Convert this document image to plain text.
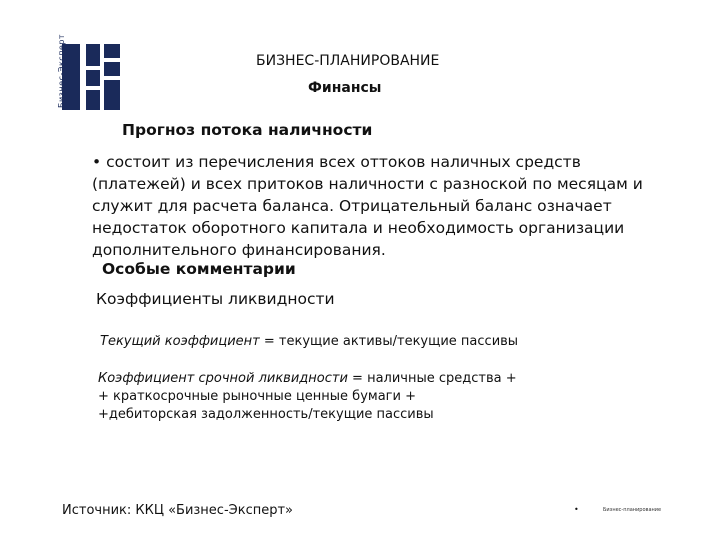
Бизнес-Эксперт	БИЗНЕС-ПЛАНИРОВАНИЕ
Финансы
Прогноз потока наличности
• состоит из перечисления всех оттоков наличных средств (платежей) и всех притоков наличности с разноской по месяцам и служит для расчета баланса. Отрицательный баланс означает недостаток оборотного капитала и необходимость организации дополнительного финансирования.
Особые комментарии
Коэффициенты ликвидности
Текущий коэффициент = текущие активы/текущие пассивы
Коэффициент срочной ликвидности = наличные средства +
+ краткосрочные рыночные ценные бумаги +
+дебиторская задолженность/текущие пассивы
Источник: ККЦ «Бизнес-Эксперт»	•	Бизнес-планирование
